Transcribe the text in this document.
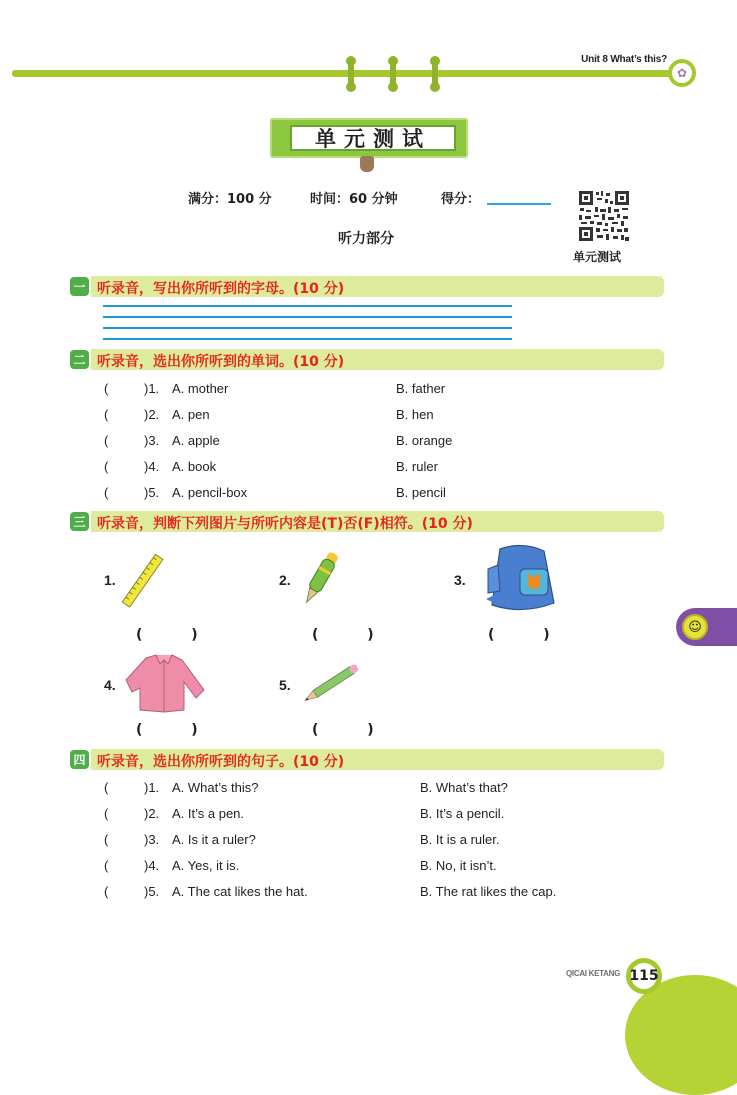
Unit 8 What’s this?
✿
单元测试
满分：100 分	时间：60 分钟	得分：
听力部分
单元测试
一 听录音，写出你所听到的字母。(10 分)
二 听录音，选出你所听到的单词。(10 分)
(	)1. A. mother	B. father
(	)2. A. pen	B. hen
(	)3. A. apple	B. orange
(	)4. A. book	B. ruler
(	)5. A. pencil-box	B. pencil
三 听录音，判断下列图片与所听内容是(T)否(F)相符。(10 分)
1.
( )
2.
( )
3.
( )
4.
( )
5.
( )
四 听录音，选出你所听到的句子。(10 分)
(	)1. A. What’s this?	B. What’s that?
(	)2. A. It’s a pen.	B. It’s a pencil.
(	)3. A. Is it a ruler?	B. It is a ruler.
(	)4. A. Yes, it is.	B. No, it isn’t.
(	)5. A. The cat likes the hat.	B. The rat likes the cap.
☺
QICAI KETANG 115
